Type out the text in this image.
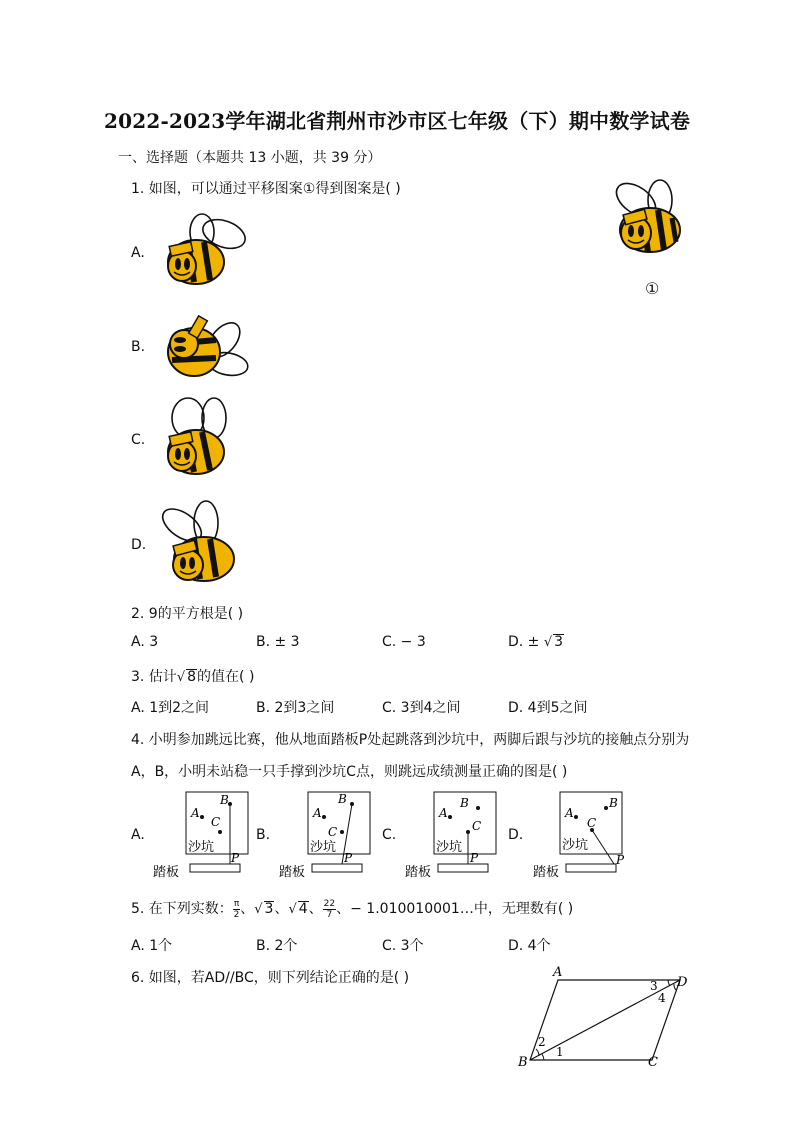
2022-2023学年湖北省荆州市沙市区七年级（下）期中数学试卷
一、选择题（本题共 13 小题，共 39 分）
1. 如图，可以通过平移图案①得到图案是( )
①
A.
B.
C.
D.
2. 9的平方根是( )
A. 3	B. ± 3	C. − 3	D. ± √ 3
3. 估计√ 8的值在( )
A. 1到2之间	B. 2到3之间	C. 3到4之间	D. 4到5之间
4. 小明参加跳远比赛，他从地面踏板P处起跳落到沙坑中，两脚后跟与沙坑的接触点分别为
A，B，小明未站稳一只手撑到沙坑C点，则跳远成绩测量正确的图是( )
A.	B.	C.	D.
A
B
C
P
沙坑
踏板
A
B
C
P
沙坑
踏板
A
B
C
P
沙坑
踏板
A
B
C
P
沙坑
踏板
5. 在下列实数： $\frac{\pi}{2}$ 、√ 3、√ 4、 $\frac{22}{7}$ 、− 1.010010001…中，无理数有( )
A. 1个	B. 2个	C. 3个	D. 4个
6. 如图，若AD//BC，则下列结论正确的是( )	A
D
B	C
1
2
3
4
